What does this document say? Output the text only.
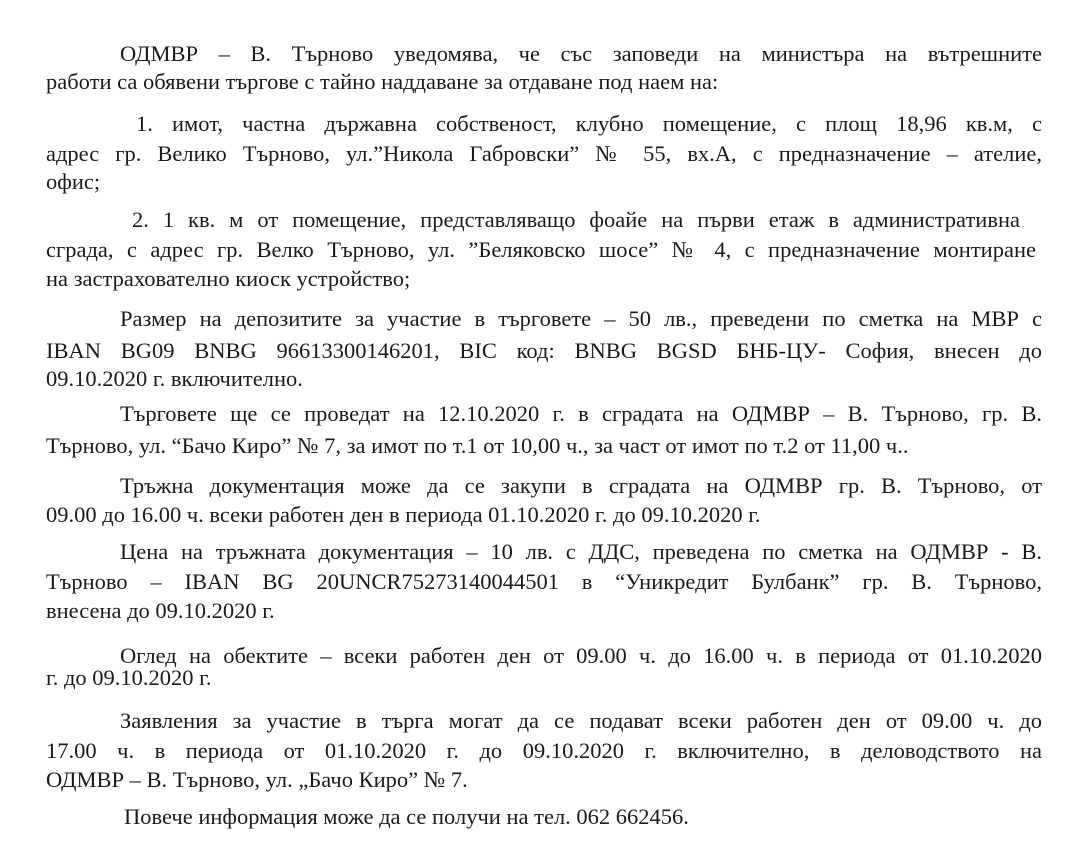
ОДМВР – В. Търново уведомява, че със заповеди на министъра на вътрешните
работи са обявени търгове с тайно наддаване за отдаване под наем на:
1. имот, частна държавна собственост, клубно помещение, с площ 18,96 кв.м, с
адрес гр. Велико Търново, ул.”Никола Габровски” № 55, вх.А, с предназначение – ателие,
офис;
2. 1 кв. м от помещение, представляващо фоайе на първи етаж в административна
сграда, с адрес гр. Велко Търново, ул. ”Беляковско шосе” № 4, с предназначение монтиране
на застрахователно киоск устройство;
Размер на депозитите за участие в търговете – 50 лв., преведени по сметка на МВР с
IBAN BG09 BNBG 96613300146201, BIC код: BNBG BGSD БНБ-ЦУ- София, внесен до
09.10.2020 г. включително.
Търговете ще се проведат на 12.10.2020 г. в сградата на ОДМВР – В. Търново, гр. В.
Търново, ул. “Бачо Киро” № 7, за имот по т.1 от 10,00 ч., за част от имот по т.2 от 11,00 ч..
Тръжна документация може да се закупи в сградата на ОДМВР гр. В. Търново, от
09.00 до 16.00 ч. всеки работен ден в периода 01.10.2020 г. до 09.10.2020 г.
Цена на тръжната документация – 10 лв. с ДДС, преведена по сметка на ОДМВР - В.
Търново – IBAN BG 20UNCR75273140044501 в “Уникредит Булбанк” гр. В. Търново,
внесена до 09.10.2020 г.
Оглед на обектите – всеки работен ден от 09.00 ч. до 16.00 ч. в периода от 01.10.2020
г. до 09.10.2020 г.
Заявления за участие в търга могат да се подават всеки работен ден от 09.00 ч. до
17.00 ч. в периода от 01.10.2020 г. до 09.10.2020 г. включително, в деловодството на
ОДМВР – В. Търново, ул. „Бачо Киро” № 7.
Повече информация може да се получи на тел. 062 662456.
